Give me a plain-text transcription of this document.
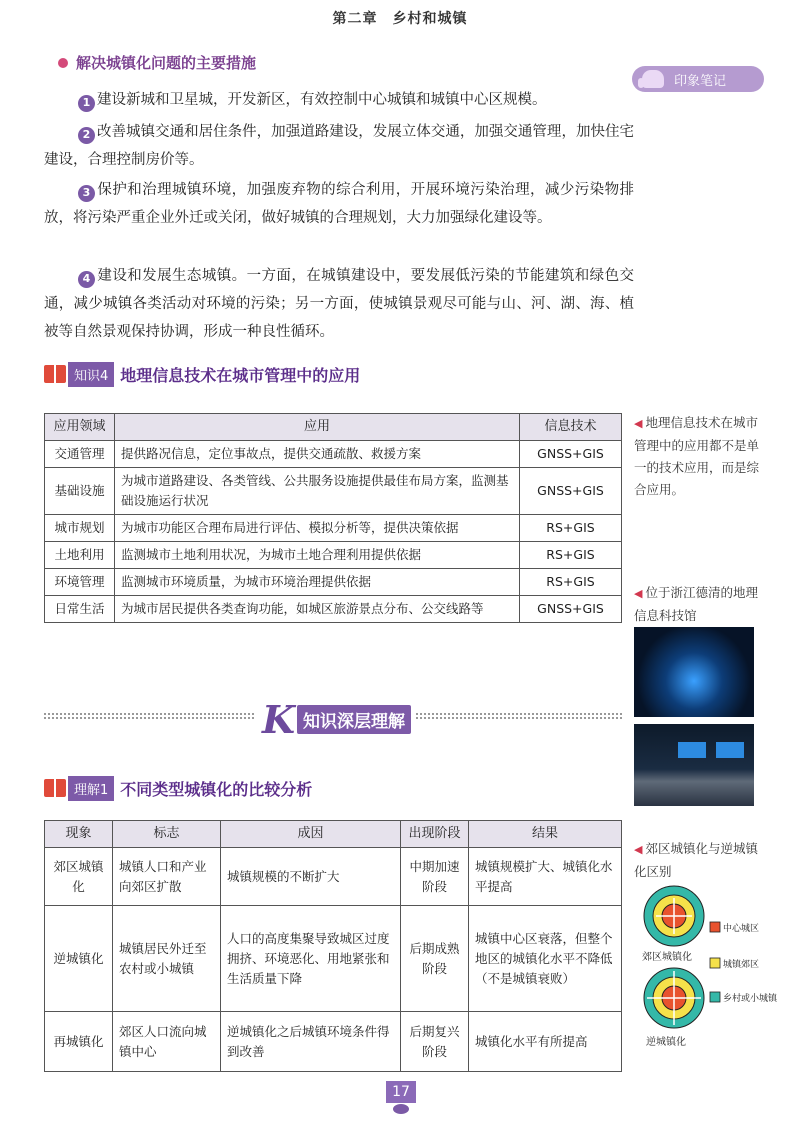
第二章　乡村和城镇
解决城镇化问题的主要措施
印象笔记
1 建设新城和卫星城，开发新区，有效控制中心城镇和城镇中心区规模。
2 改善城镇交通和居住条件，加强道路建设，发展立体交通，加强交通管理，加快住宅建设，合理控制房价等。
3 保护和治理城镇环境，加强废弃物的综合利用，开展环境污染治理，减少污染物排放，将污染严重企业外迁或关闭，做好城镇的合理规划，大力加强绿化建设等。
4 建设和发展生态城镇。一方面，在城镇建设中，要发展低污染的节能建筑和绿色交通，减少城镇各类活动对环境的污染；另一方面，使城镇景观尽可能与山、河、湖、海、植被等自然景观保持协调，形成一种良性循环。
知识4 地理信息技术在城市管理中的应用
应用领域	应用	信息技术
交通管理	提供路况信息，定位事故点，提供交通疏散、救援方案	GNSS+GIS
基础设施	为城市道路建设、各类管线、公共服务设施提供最佳布局方案，监测基础设施运行状况	GNSS+GIS
城市规划	为城市功能区合理布局进行评估、模拟分析等，提供决策依据	RS+GIS
土地利用	监测城市土地利用状况，为城市土地合理利用提供依据	RS+GIS
环境管理	监测城市环境质量，为城市环境治理提供依据	RS+GIS
日常生活	为城市居民提供各类查询功能，如城区旅游景点分布、公交线路等	GNSS+GIS
◀ 地理信息技术在城市管理中的应用都不是单一的技术应用，而是综合应用。
◀ 位于浙江德清的地理信息科技馆
K 知识深层理解
理解1 不同类型城镇化的比较分析
现象	标志	成因	出现阶段	结果
郊区城镇化	城镇人口和产业向郊区扩散	城镇规模的不断扩大	中期加速阶段	城镇规模扩大、城镇化水平提高
逆城镇化	城镇居民外迁至农村或小城镇	人口的高度集聚导致城区过度拥挤、环境恶化、用地紧张和生活质量下降	后期成熟阶段	城镇中心区衰落，但整个地区的城镇化水平不降低（不是城镇衰败）
再城镇化	郊区人口流向城镇中心	逆城镇化之后城镇环境条件得到改善	后期复兴阶段	城镇化水平有所提高
◀ 郊区城镇化与逆城镇化区别
郊区城镇化
逆城镇化
中心城区
城镇郊区
乡村或小城镇
17
